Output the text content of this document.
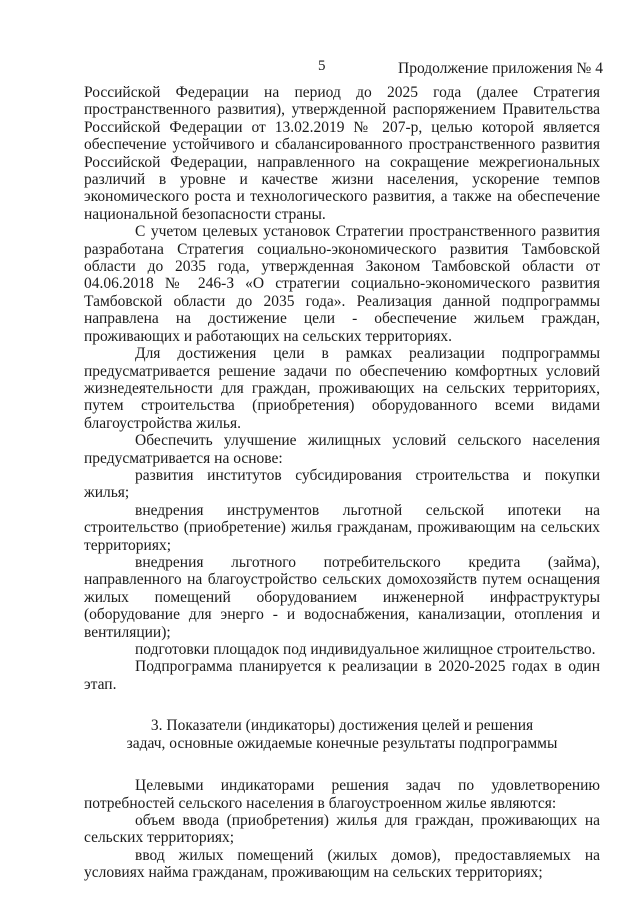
5	Продолжение приложения № 4

Российской Федерации на период до 2025 года (далее Стратегия пространственного развития), утвержденной распоряжением Правительства Российской Федерации от 13.02.2019 № 207-р, целью которой является обеспечение устойчивого и сбалансированного пространственного развития Российской Федерации, направленного на сокращение межрегиональных различий в уровне и качестве жизни населения, ускорение темпов экономического роста и технологического развития, а также на обеспечение национальной безопасности страны.

С учетом целевых установок Стратегии пространственного развития разработана Стратегия социально-экономического развития Тамбовской области до 2035 года, утвержденная Законом Тамбовской области от 04.06.2018 № 246-З «О стратегии социально-экономического развития Тамбовской области до 2035 года». Реализация данной подпрограммы направлена на достижение цели - обеспечение жильем граждан, проживающих и работающих на сельских территориях.

Для достижения цели в рамках реализации подпрограммы предусматривается решение задачи по обеспечению комфортных условий жизнедеятельности для граждан, проживающих на сельских территориях, путем строительства (приобретения) оборудованного всеми видами благоустройства жилья.

Обеспечить улучшение жилищных условий сельского населения предусматривается на основе:

развития институтов субсидирования строительства и покупки жилья;

внедрения инструментов льготной сельской ипотеки на строительство (приобретение) жилья гражданам, проживающим на сельских территориях;

внедрения льготного потребительского кредита (займа), направленного на благоустройство сельских домохозяйств путем оснащения жилых помещений оборудованием инженерной инфраструктуры (оборудование для энерго - и водоснабжения, канализации, отопления и вентиляции);

подготовки площадок под индивидуальное жилищное строительство.

Подпрограмма планируется к реализации в 2020-2025 годах в один этап.

3. Показатели (индикаторы) достижения целей и решения
задач, основные ожидаемые конечные результаты подпрограммы

Целевыми индикаторами решения задач по удовлетворению потребностей сельского населения в благоустроенном жилье являются:

объем ввода (приобретения) жилья для граждан, проживающих на сельских территориях;

ввод жилых помещений (жилых домов), предоставляемых на условиях найма гражданам, проживающим на сельских территориях;
